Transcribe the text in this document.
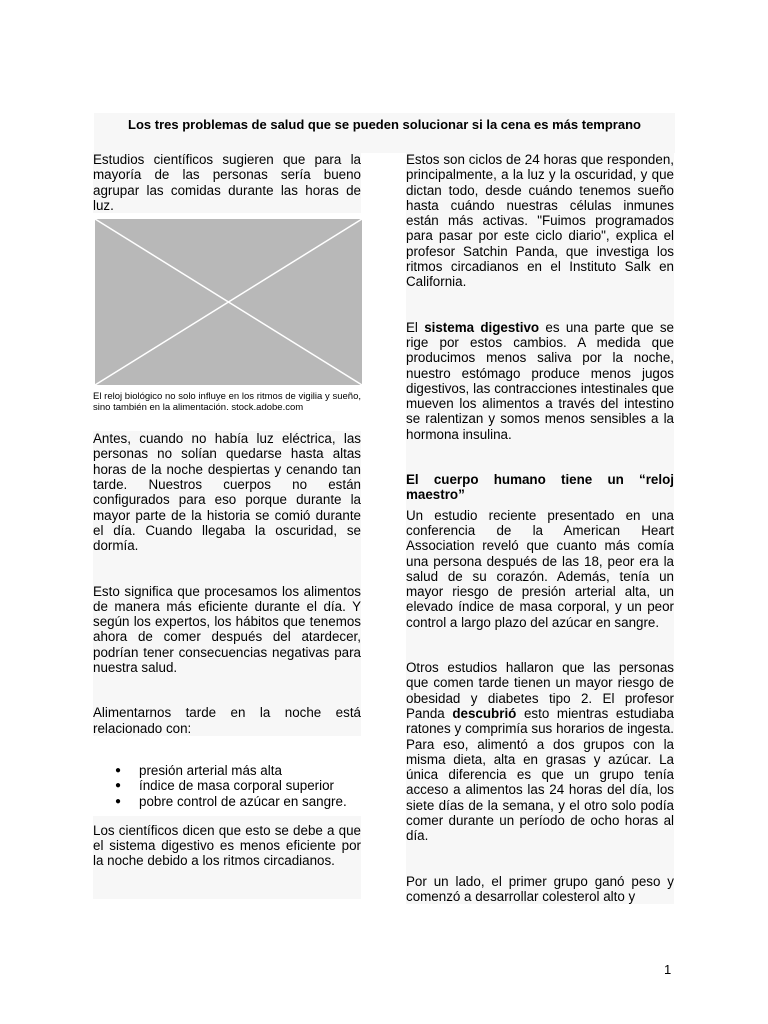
Los tres problemas de salud que se pueden solucionar si la cena es más temprano

Estudios científicos sugieren que para la mayoría de las personas sería bueno agrupar las comidas durante las horas de luz.

El reloj biológico no solo influye en los ritmos de vigilia y sueño, sino también en la alimentación. stock.adobe.com

Antes, cuando no había luz eléctrica, las personas no solían quedarse hasta altas horas de la noche despiertas y cenando tan tarde. Nuestros cuerpos no están configurados para eso porque durante la mayor parte de la historia se comió durante el día. Cuando llegaba la oscuridad, se dormía.

Esto significa que procesamos los alimentos de manera más eficiente durante el día. Y según los expertos, los hábitos que tenemos ahora de comer después del atardecer, podrían tener consecuencias negativas para nuestra salud.

Alimentarnos tarde en la noche está relacionado con:

● presión arterial más alta
● índice de masa corporal superior
● pobre control de azúcar en sangre.

Los científicos dicen que esto se debe a que el sistema digestivo es menos eficiente por la noche debido a los ritmos circadianos.

Estos son ciclos de 24 horas que responden, principalmente, a la luz y la oscuridad, y que dictan todo, desde cuándo tenemos sueño hasta cuándo nuestras células inmunes están más activas. "Fuimos programados para pasar por este ciclo diario", explica el profesor Satchin Panda, que investiga los ritmos circadianos en el Instituto Salk en California.

El sistema digestivo es una parte que se rige por estos cambios. A medida que producimos menos saliva por la noche, nuestro estómago produce menos jugos digestivos, las contracciones intestinales que mueven los alimentos a través del intestino se ralentizan y somos menos sensibles a la hormona insulina.

El cuerpo humano tiene un “reloj maestro”

Un estudio reciente presentado en una conferencia de la American Heart Association reveló que cuanto más comía una persona después de las 18, peor era la salud de su corazón. Además, tenía un mayor riesgo de presión arterial alta, un elevado índice de masa corporal, y un peor control a largo plazo del azúcar en sangre.

Otros estudios hallaron que las personas que comen tarde tienen un mayor riesgo de obesidad y diabetes tipo 2. El profesor Panda descubrió esto mientras estudiaba ratones y comprimía sus horarios de ingesta. Para eso, alimentó a dos grupos con la misma dieta, alta en grasas y azúcar. La única diferencia es que un grupo tenía acceso a alimentos las 24 horas del día, los siete días de la semana, y el otro solo podía comer durante un período de ocho horas al día.

Por un lado, el primer grupo ganó peso y comenzó a desarrollar colesterol alto y

1
